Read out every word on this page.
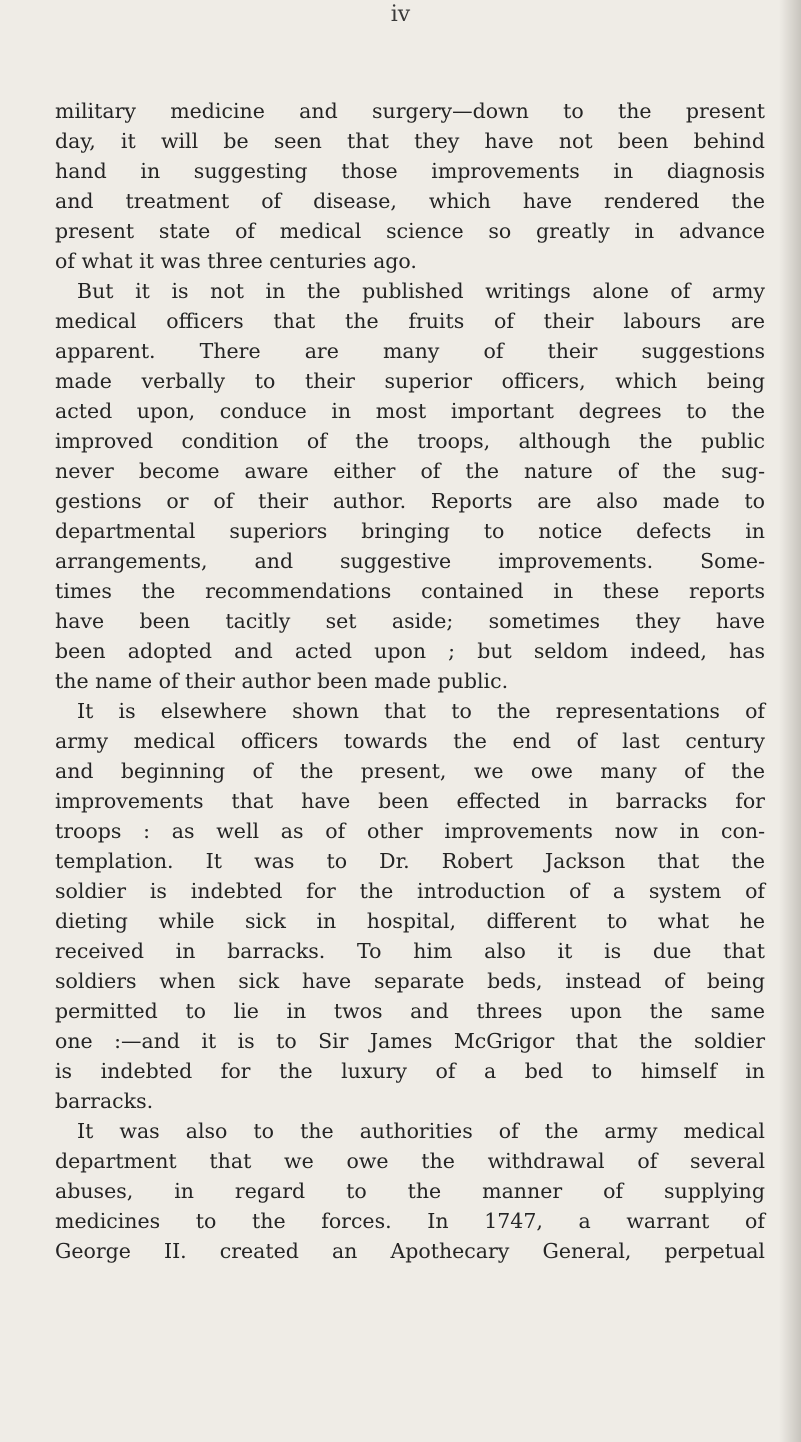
iv
military medicine and surgery—down to the present
day, it will be seen that they have not been behind
hand in suggesting those improvements in diagnosis
and treatment of disease, which have rendered the
present state of medical science so greatly in advance
of what it was three centuries ago.
But it is not in the published writings alone of army
medical officers that the fruits of their labours are
apparent. There are many of their suggestions
made verbally to their superior officers, which being
acted upon, conduce in most important degrees to the
improved condition of the troops, although the public
never become aware either of the nature of the sug-
gestions or of their author. Reports are also made to
departmental superiors bringing to notice defects in
arrangements, and suggestive improvements. Some-
times the recommendations contained in these reports
have been tacitly set aside; sometimes they have
been adopted and acted upon ; but seldom indeed, has
the name of their author been made public.
It is elsewhere shown that to the representations of
army medical officers towards the end of last century
and beginning of the present, we owe many of the
improvements that have been effected in barracks for
troops : as well as of other improvements now in con-
templation. It was to Dr. Robert Jackson that the
soldier is indebted for the introduction of a system of
dieting while sick in hospital, different to what he
received in barracks. To him also it is due that
soldiers when sick have separate beds, instead of being
permitted to lie in twos and threes upon the same
one :—and it is to Sir James McGrigor that the soldier
is indebted for the luxury of a bed to himself in
barracks.
It was also to the authorities of the army medical
department that we owe the withdrawal of several
abuses, in regard to the manner of supplying
medicines to the forces. In 1747, a warrant of
George II. created an Apothecary General, perpetual
